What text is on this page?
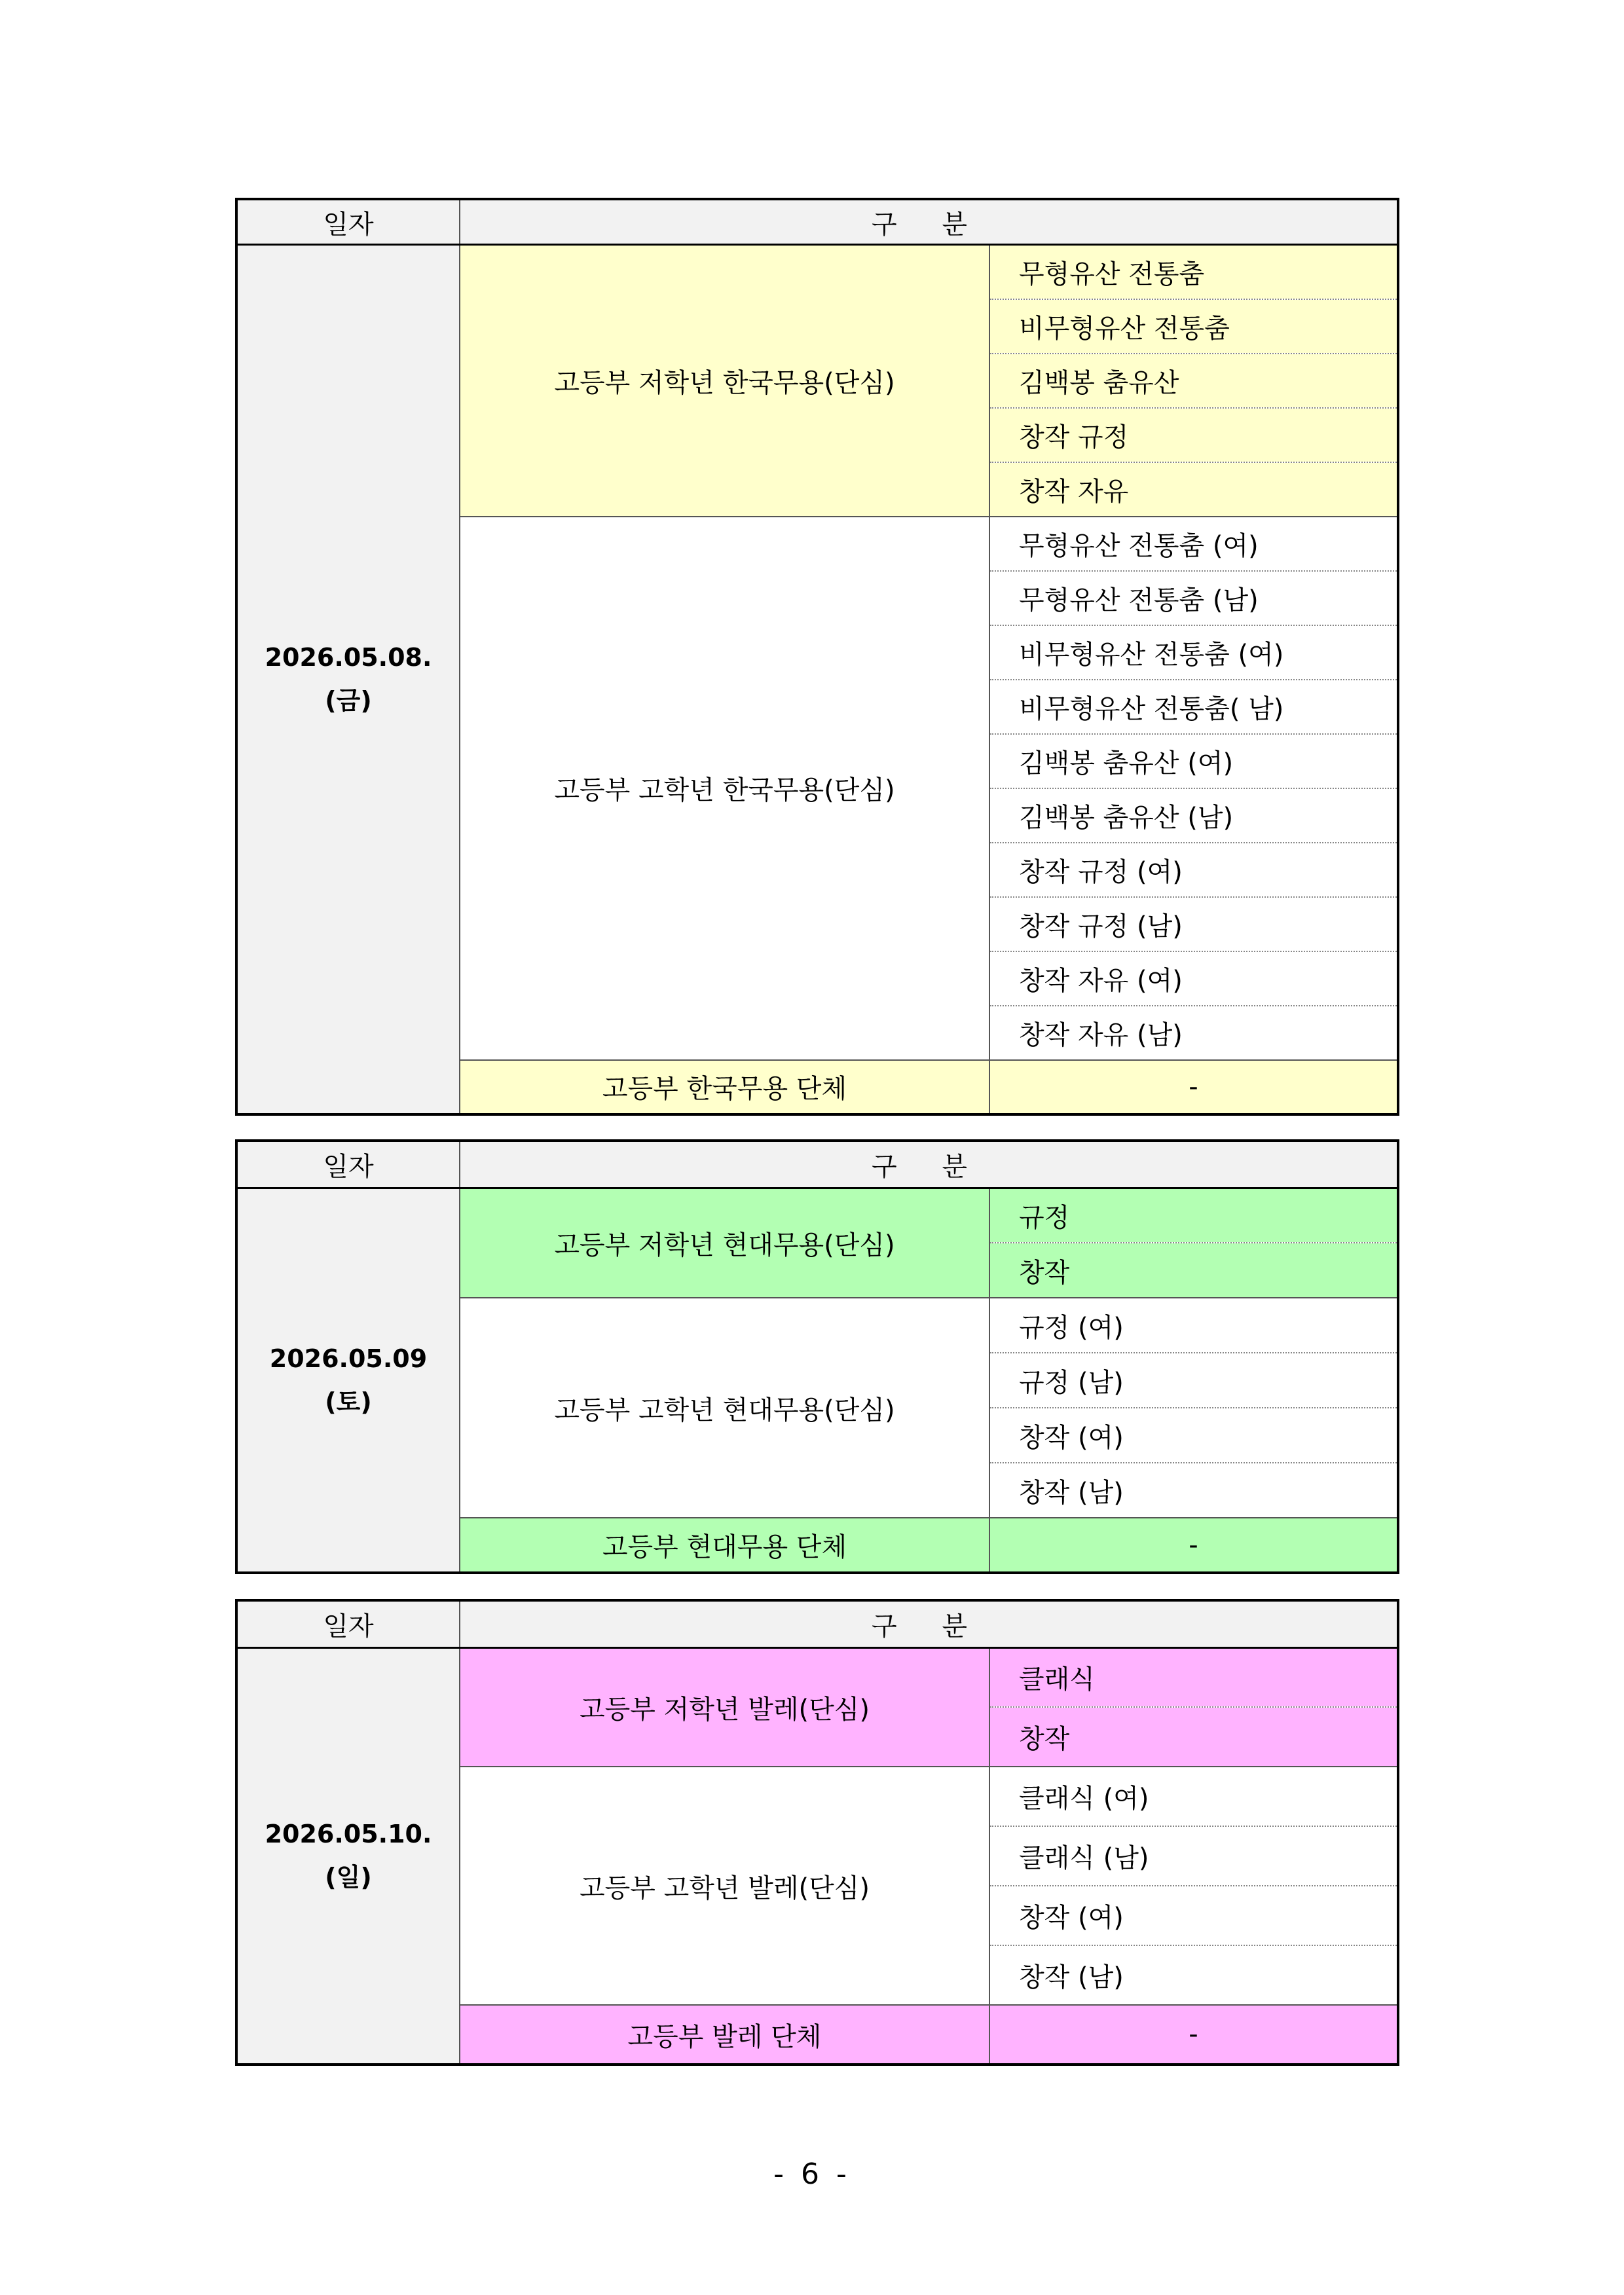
일자	구 분	

2026.05.08.
(금)	고등부 저학년 한국무용(단심)	무형유산 전통춤
		비무형유산 전통춤
		김백봉 춤유산
		창작 규정
		창작 자유
	고등부 고학년 한국무용(단심)	무형유산 전통춤 (여)
		무형유산 전통춤 (남)
		비무형유산 전통춤 (여)
		비무형유산 전통춤( 남)
		김백봉 춤유산 (여)
		김백봉 춤유산 (남)
		창작 규정 (여)
		창작 규정 (남)
		창작 자유 (여)
		창작 자유 (남)
	고등부 한국무용 단체	-
일자	구 분	

2026.05.09
(토)	고등부 저학년 현대무용(단심)	규정
		창작
	고등부 고학년 현대무용(단심)	규정 (여)
		규정 (남)
		창작 (여)
		창작 (남)
	고등부 현대무용 단체	-
일자	구 분	

2026.05.10.
(일)	고등부 저학년 발레(단심)	클래식
		창작
	고등부 고학년 발레(단심)	클래식 (여)
		클래식 (남)
		창작 (여)
		창작 (남)
	고등부 발레 단체	-
- 6 -
